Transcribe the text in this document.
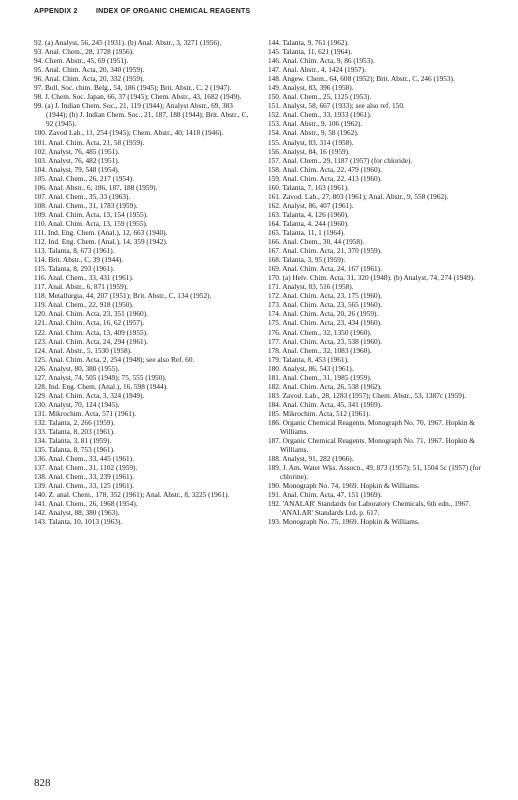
APPENDIX 2	INDEX OF ORGANIC CHEMICAL REAGENTS

92. (a) Analyst, 56, 245 (1931). (b) Anal. Abstr., 3, 3271 (1956).

93. Anal. Chem., 28, 1728 (1956).

94. Chem. Abstr., 45, 69 (1951).

95. Anal. Chim. Acta, 20, 340 (1959).

96. Anal. Chim. Acta, 20, 332 (1959).

97. Bull. Soc. chim. Belg., 54, 186 (1945); Brit. Abstr., C, 2 (1947).

98. J. Chem. Soc. Japan, 66, 37 (1945); Chem. Abstr., 43, 1682 (1949).

99. (a) J. Indian Chem. Soc., 21, 119 (1944); Analyst Abstr., 69, 383 (1944); (b) J. Indian Chem. Soc., 21, 187, 188 (1944); Brit. Abstr., C, 92 (1945).

100. Zavod Lab., 11, 254 (1945); Chem. Abstr., 40, 1418 (1946).

101. Anal. Chim. Acta, 21, 58 (1959).

102. Analyst, 76, 485 (1951).

103. Analyst, 76, 482 (1951).

104. Analyst, 79, 548 (1954).

105. Anal. Chem., 26, 217 (1954).

106. Anal. Abstr., 6, 186, 187, 188 (1959).

107. Anal. Chem., 35, 33 (1963).

108. Anal. Chem., 31, 1783 (1959).

109. Anal. Chim. Acta, 13, 154 (1955).

110. Anal. Chim. Acta, 13, 159 (1955).

111. Ind. Eng. Chem. (Anal.), 12, 663 (1940).

112. Ind. Eng. Chem. (Anal.), 14, 359 (1942).

113. Talanta, 8, 673 (1961).

114. Brit. Abstr., C, 39 (1944).

115. Talanta, 8, 293 (1961).

116. Anal. Chem., 33, 431 (1961).

117. Anal. Abstr., 6, 871 (1959).

118. Metallurgia, 44, 207 (1951); Brit. Abstr., C, 134 (1952).

119. Anal. Chem., 22, 918 (1950).

120. Anal. Chim. Acta, 23, 351 (1960).

121. Anal. Chim. Acta, 16, 62 (1957).

122. Anal. Chim. Acta, 13, 409 (1955).

123. Anal. Chim. Acta, 24, 294 (1961).

124. Anal. Abstr., 5, 1530 (1958).

125. Anal. Chim. Acta, 2, 254 (1948); see also Ref. 60.

126. Analyst, 80, 380 (1955).

127. Analyst, 74, 505 (1949); 75, 555 (1950).

128. Ind. Eng. Chem. (Anal.), 16, 598 (1944).

129. Anal. Chim. Acta, 3, 324 (1949).

130. Analyst, 70, 124 (1945).

131. Mikrochim. Acta, 571 (1961).

132. Talanta, 2, 266 (1959).

133. Talanta, 8, 203 (1961).

134. Talanta, 3, 81 (1959).

135. Talanta, 8, 753 (1961).

136. Anal. Chem., 33, 445 (1961).

137. Anal. Chem., 31, 1102 (1959).

138. Anal. Chem., 33, 239 (1961).

139. Anal. Chem., 33, 125 (1961).

140. Z. anal. Chem., 178, 352 (1961); Anal. Abstr., 8, 3225 (1961).

141. Anal. Chem., 26, 1968 (1954).

142. Analyst, 88, 380 (1963).

143. Talanta, 10, 1013 (1963).

144. Talanta, 9, 761 (1962).

145. Talanta, 11, 621 (1964).

146. Anal. Chim. Acta, 9, 86 (1953).

147. Anal. Abstr., 4, 1424 (1957).

148. Angew. Chem., 64, 608 (1952); Brit. Abstr., C, 246 (1953).

149. Analyst, 83, 396 (1958).

150. Anal. Chem., 25, 1125 (1953).

151. Analyst, 58, 667 (1933); see also ref. 150.

152. Anal. Chem., 33, 1933 (1961).

153. Anal. Abstr., 9, 106 (1962).

154. Anal. Abstr., 9, 58 (1962).

155. Analyst, 83, 314 (1958).

156. Analyst, 84, 16 (1959).

157. Anal. Chem., 29, 1187 (1957) (for chloride).

158. Anal. Chim. Acta, 22, 479 (1960).

159. Anal. Chim. Acta, 22, 413 (1960).

160. Talanta, 7, 163 (1961).

161. Zavod. Lab., 27, 803 (1961); Anal. Abstr., 9, 558 (1962).

162. Analyst, 86, 407 (1961).

163. Talanta, 4, 126 (1960).

164. Talanta, 4, 244 (1960).

165. Talanta, 11, 1 (1964).

166. Anal. Chem., 30, 44 (1958).

167. Anal. Chim. Acta, 21, 370 (1959).

168. Talanta, 3, 95 (1959).

169. Anal. Chim. Acta, 24, 167 (1961).

170. (a) Helv. Chim. Acta, 31, 320 (1948). (b) Analyst, 74, 274 (1949).

171. Analyst, 83, 516 (1958).

172. Anal. Chim. Acta, 23, 175 (1960).

173. Anal. Chim. Acta, 23, 565 (1960).

174. Anal. Chim. Acta, 20, 26 (1959).

175. Anal. Chim. Acta, 23, 434 (1960).

176. Anal. Chem., 32, 1350 (1960).

177. Anal. Chim. Acta, 23, 538 (1960).

178. Anal. Chem., 32, 1083 (1960).

179. Talanta, 8, 453 (1961).

180. Analyst, 86, 543 (1961).

181. Anal. Chem., 31, 1985 (1959).

182. Anal. Chim. Acta, 26, 538 (1962).

183. Zavod. Lab., 28, 1283 (1957); Chem. Abstr., 53, 1387c (1959).

184. Anal. Chim. Acta, 45, 341 (1969).

185. Mikrochim. Acta, 512 (1961).

186. Organic Chemical Reagents. Monograph No. 70, 1967. Hopkin & Williams.

187. Organic Chemical Reagents. Monograph No. 71, 1967. Hopkin & Williams.

188. Analyst, 91, 282 (1966).

189. J. Am. Water Wks. Assocn., 49, 873 (1957); 51, 1504 5c (1957) (for chlorine).

190. Monograph No. 74, 1969. Hopkin & Williams.

191. Anal. Chim. Acta, 47, 151 (1969).

192. 'ANALAR' Standards for Laboratory Chemicals, 6th edn., 1967. 'ANALAR' Standards Ltd, p. 617.

193. Monograph No. 75, 1969. Hopkin & Williams.

828
